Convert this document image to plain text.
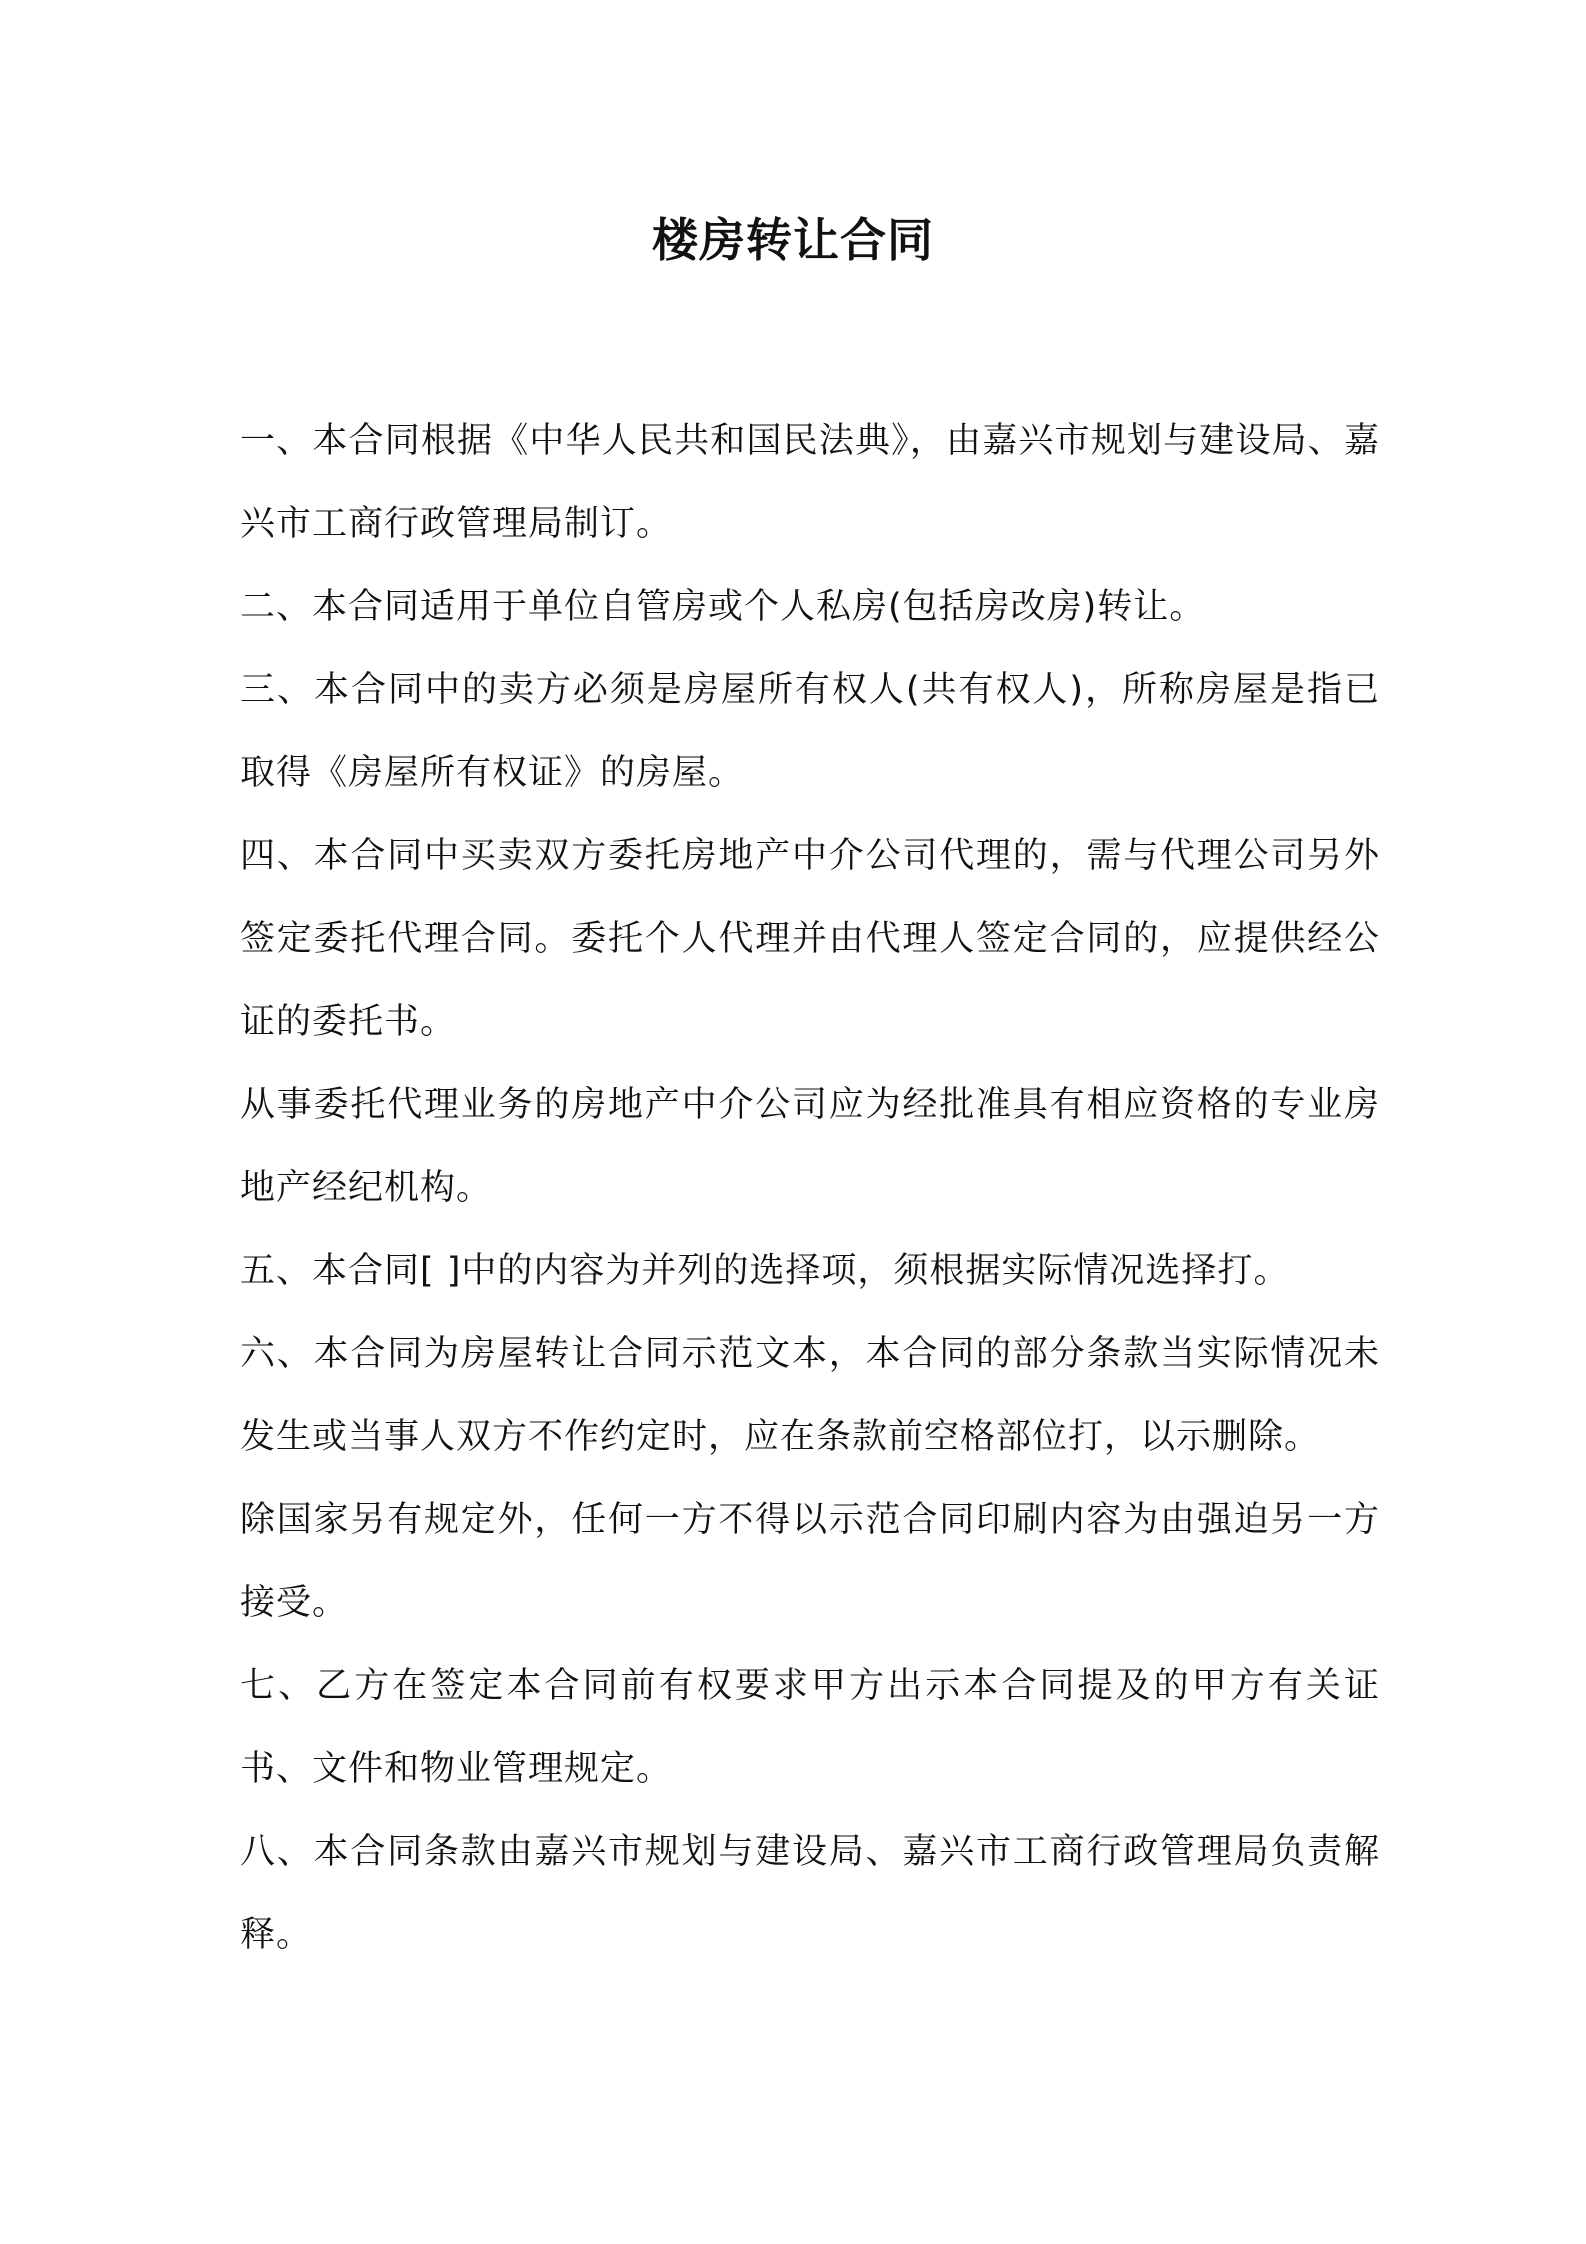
楼房转让合同

一、本合同根据《中华人民共和国民法典》，由嘉兴市规划与建设局、嘉兴市工商行政管理局制订。

二、本合同适用于单位自管房或个人私房(包括房改房)转让。

三、本合同中的卖方必须是房屋所有权人(共有权人)，所称房屋是指已取得《房屋所有权证》的房屋。

四、本合同中买卖双方委托房地产中介公司代理的，需与代理公司另外签定委托代理合同。委托个人代理并由代理人签定合同的，应提供经公证的委托书。

从事委托代理业务的房地产中介公司应为经批准具有相应资格的专业房地产经纪机构。

五、本合同[ ]中的内容为并列的选择项，须根据实际情况选择打。

六、本合同为房屋转让合同示范文本，本合同的部分条款当实际情况未发生或当事人双方不作约定时，应在条款前空格部位打，以示删除。

除国家另有规定外，任何一方不得以示范合同印刷内容为由强迫另一方接受。

七、乙方在签定本合同前有权要求甲方出示本合同提及的甲方有关证书、文件和物业管理规定。

八、本合同条款由嘉兴市规划与建设局、嘉兴市工商行政管理局负责解释。
